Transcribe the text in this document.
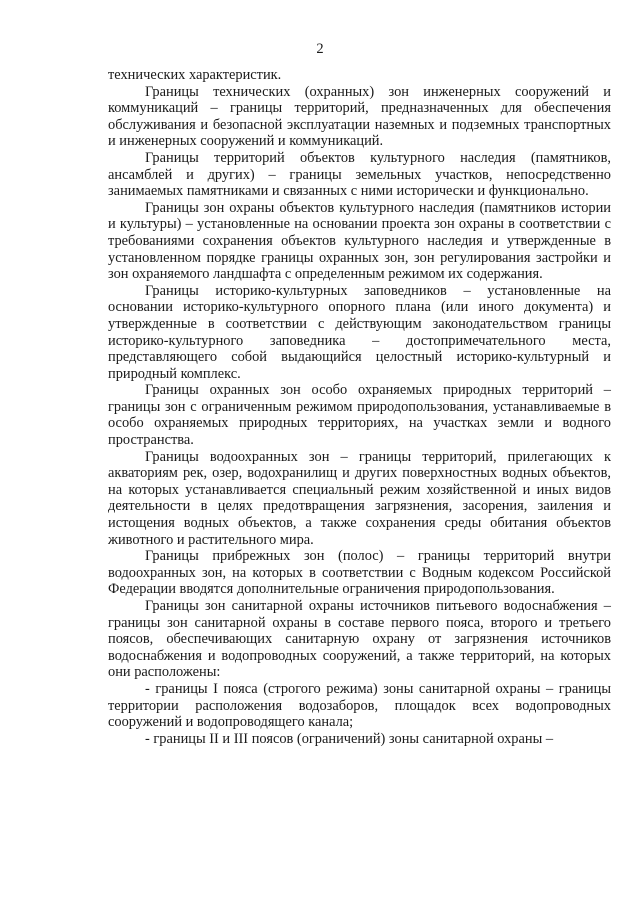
2

технических характеристик.

Границы технических (охранных) зон инженерных сооружений и коммуникаций – границы территорий, предназначенных для обеспечения обслуживания и безопасной эксплуатации наземных и подземных транспортных и инженерных сооружений и коммуникаций.

Границы территорий объектов культурного наследия (памятников, ансамблей и других) – границы земельных участков, непосредственно занимаемых памятниками и связанных с ними исторически и функционально.

Границы зон охраны объектов культурного наследия (памятников истории и культуры) – установленные на основании проекта зон охраны в соответствии с требованиями сохранения объектов культурного наследия и утвержденные в установленном порядке границы охранных зон, зон регулирования застройки и зон охраняемого ландшафта с определенным режимом их содержания.

Границы историко-культурных заповедников – установленные на основании историко-культурного опорного плана (или иного документа) и утвержденные в соответствии с действующим законодательством границы историко-культурного заповедника – достопримечательного места, представляющего собой выдающийся целостный историко-культурный и природный комплекс.

Границы охранных зон особо охраняемых природных территорий – границы зон с ограниченным режимом природопользования, устанавливаемые в особо охраняемых природных территориях, на участках земли и водного пространства.

Границы водоохранных зон – границы территорий, прилегающих к акваториям рек, озер, водохранилищ и других поверхностных водных объектов, на которых устанавливается специальный режим хозяйственной и иных видов деятельности в целях предотвращения загрязнения, засорения, заиления и истощения водных объектов, а также сохранения среды обитания объектов животного и растительного мира.

Границы прибрежных зон (полос) – границы территорий внутри водоохранных зон, на которых в соответствии с Водным кодексом Российской Федерации вводятся дополнительные ограничения природопользования.

Границы зон санитарной охраны источников питьевого водоснабжения – границы зон санитарной охраны в составе первого пояса, второго и третьего поясов, обеспечивающих санитарную охрану от загрязнения источников водоснабжения и водопроводных сооружений, а также территорий, на которых они расположены:

- границы I пояса (строгого режима) зоны санитарной охраны – границы территории расположения водозаборов, площадок всех водопроводных сооружений и водопроводящего канала;

- границы II и III поясов (ограничений) зоны санитарной охраны –
